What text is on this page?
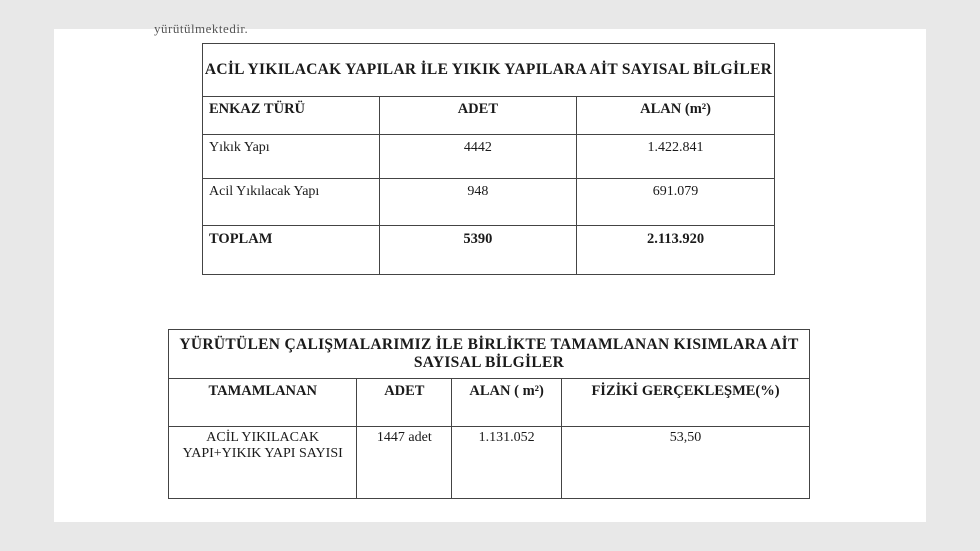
yürütülmektedir.
ACİL YIKILACAK YAPILAR İLE YIKIK YAPILARA AİT SAYISAL BİLGİLER		
ENKAZ TÜRÜ	ADET	ALAN (m²)
Yıkık Yapı	4442	1.422.841
Acil Yıkılacak Yapı	948	691.079
TOPLAM	5390	2.113.920
YÜRÜTÜLEN ÇALIŞMALARIMIZ İLE BİRLİKTE TAMAMLANAN KISIMLARA AİT SAYISAL BİLGİLER			
TAMAMLANAN	ADET	ALAN ( m²)	FİZİKİ GERÇEKLEŞME(%)
ACİL YIKILACAK YAPI+YIKIK YAPI SAYISI	1447 adet	1.131.052	53,50
